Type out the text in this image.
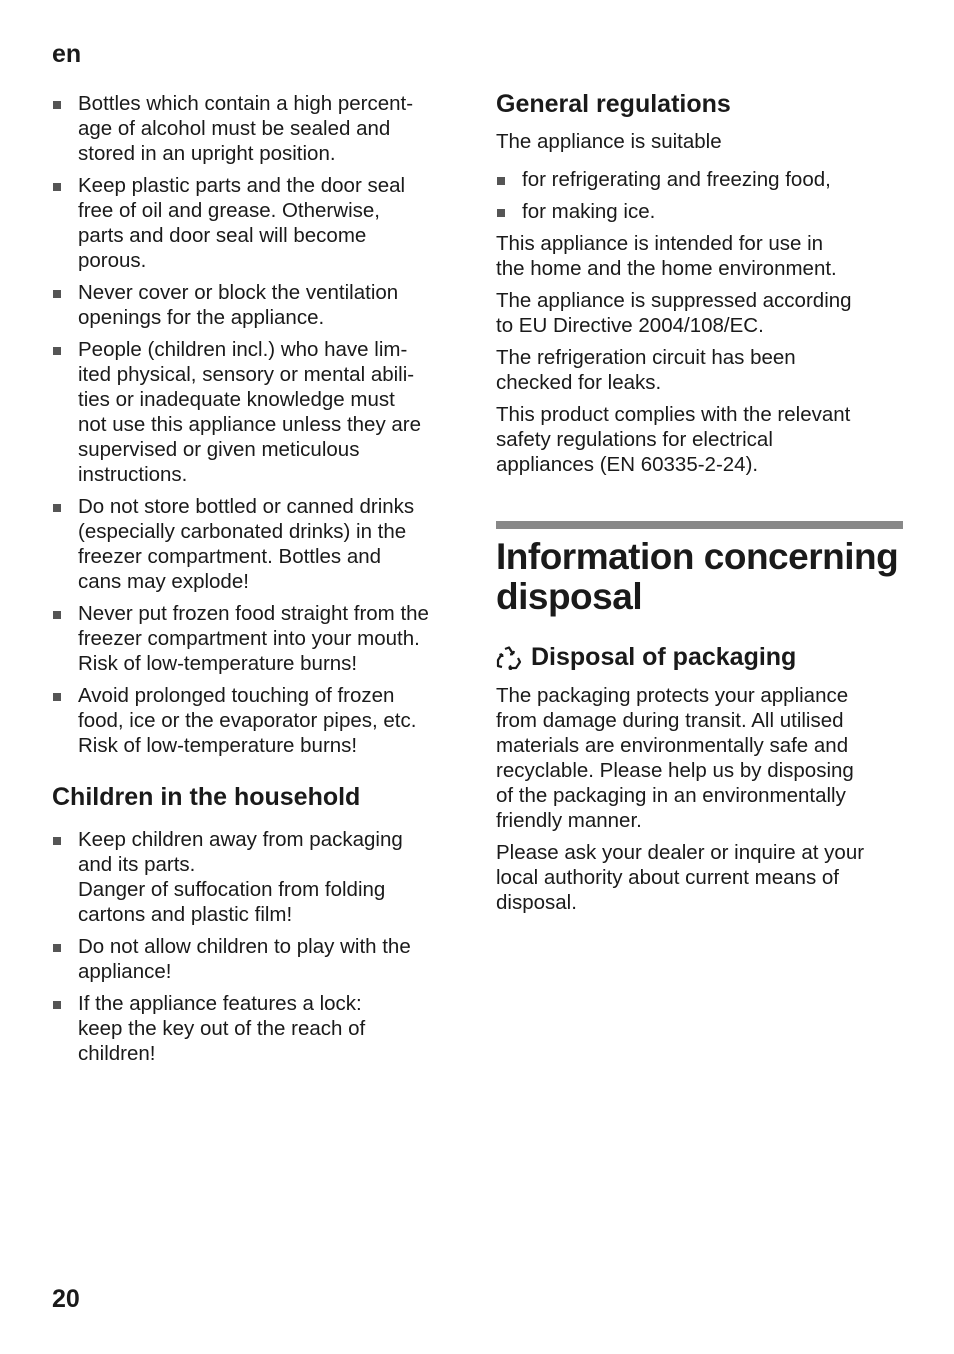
en
Bottles which contain a high percent-
age of alcohol must be sealed and
stored in an upright position.
Keep plastic parts and the door seal
free of oil and grease. Otherwise,
parts and door seal will become
porous.
Never cover or block the ventilation
openings for the appliance.
People (children incl.) who have lim-
ited physical, sensory or mental abili-
ties or inadequate knowledge must
not use this appliance unless they are
supervised or given meticulous
instructions.
Do not store bottled or canned drinks
(especially carbonated drinks) in the
freezer compartment. Bottles and
cans may explode!
Never put frozen food straight from the
freezer compartment into your mouth.
Risk of low-temperature burns!
Avoid prolonged touching of frozen
food, ice or the evaporator pipes, etc.
Risk of low-temperature burns!
Children in the household
Keep children away from packaging
and its parts.
Danger of suffocation from folding
cartons and plastic film!
Do not allow children to play with the
appliance!
If the appliance features a lock:
keep the key out of the reach of
children!
General regulations

The appliance is suitable

for refrigerating and freezing food,
for making ice.

This appliance is intended for use in
the home and the home environment.

The appliance is suppressed according
to EU Directive 2004/108/EC.

The refrigeration circuit has been
checked for leaks.

This product complies with the relevant
safety regulations for electrical
appliances (EN 60335-2-24).

Information concerning
disposal
Disposal of packaging

The packaging protects your appliance
from damage during transit. All utilised
materials are environmentally safe and
recyclable. Please help us by disposing
of the packaging in an environmentally
friendly manner.

Please ask your dealer or inquire at your
local authority about current means of
disposal.

20
